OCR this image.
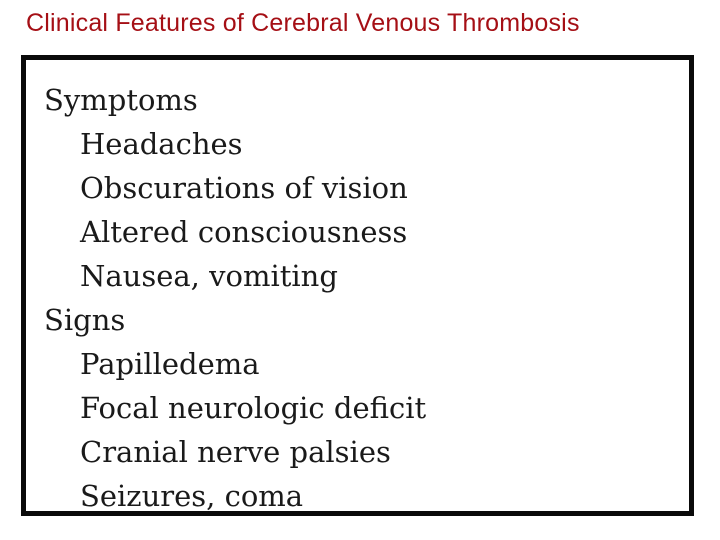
Clinical Features of Cerebral Venous Thrombosis
Symptoms
Headaches
Obscurations of vision
Altered consciousness
Nausea, vomiting
Signs
Papilledema
Focal neurologic deficit
Cranial nerve palsies
Seizures, coma
